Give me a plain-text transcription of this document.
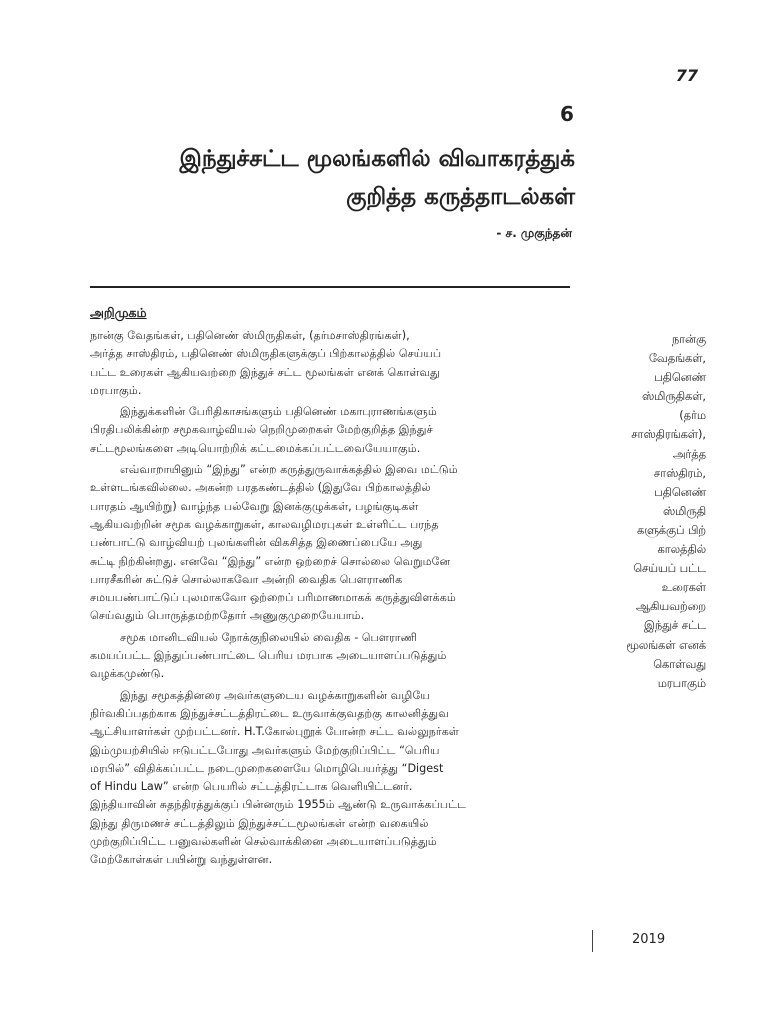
77
6
இந்துச்சட்ட மூலங்களில் விவாகரத்துக்
குறித்த கருத்தாடல்கள்
- ச. முகுந்தன்
அறிமுகம்
நான்கு வேதங்கள், பதினெண் ஸ்மிருதிகள், (தர்மசாஸ்திரங்கள்),
அர்த்த சாஸ்திரம், பதினெண் ஸ்மிருதிகளுக்குப் பிற்காலத்தில் செய்யப்
பட்ட உரைகள் ஆகியவற்றை இந்துச் சட்ட மூலங்கள் எனக் கொள்வது
மரபாகும்.
இந்துக்களின் பேரிதிகாசங்களும் பதினெண் மகாபுராணங்களும்
பிரதிபலிக்கின்ற சமூகவாழ்வியல் நெறிமுறைகள் மேற்குறித்த இந்துச்
சட்டமூலங்களை அடியொற்றிக் கட்டமைக்கப்பட்டவையேயாகும்.
எவ்வாறாயினும் “இந்து” என்ற கருத்துருவாக்கத்தில் இவை மட்டும்
உள்ளடங்கவில்லை. அகன்ற பரதகண்டத்தில் (இதுவே பிற்காலத்தில்
பாரதம் ஆயிற்று) வாழ்ந்த பல்வேறு இனக்குழுக்கள், பழங்குடிகள்
ஆகியவற்றின் சமூக வழக்காறுகள், காலவழிமரபுகள் உள்ளிட்ட பரந்த
பண்பாட்டு வாழ்வியற் புலங்களின் விகசித்த இணைப்பையே அது
சுட்டி நிற்கின்றது. எனவே “இந்து” என்ற ஒற்றைச் சொல்லை வெறுமனே
பாரசீகரின் சுட்டுச் சொல்லாகவோ அன்றி வைதிக பௌராணிக
சமயபண்பாட்டுப் புலமாகவோ ஒற்றைப் பரிமாணமாகக் கருத்துவிளக்கம்
செய்வதும் பொருத்தமற்றதோர் அணுகுமுறையேயாம்.
சமூக மானிடவியல் நோக்குநிலையில் வைதிக - பௌராணி
கமயப்பட்ட இந்துப்பண்பாட்டை பெரிய மரபாக அடையாளப்படுத்தும்
வழக்கமுண்டு.
இந்து சமூகத்தினரை அவர்களுடைய வழக்காறுகளின் வழியே
நிர்வகிப்பதற்காக இந்துச்சட்டத்திரட்டை உருவாக்குவதற்கு காலனித்துவ
ஆட்சியாளர்கள் முற்பட்டனர். H.T.கோல்புறூக் போன்ற சட்ட வல்லுநர்கள்
இம்முயற்சியில் ஈடுபட்டபோது அவர்களும் மேற்குறிப்பிட்ட “பெரிய
மரபில்” விதிக்கப்பட்ட நடைமுறைகளையே மொழிபெயர்த்து “Digest
of Hindu Law” என்ற பெயரில் சட்டத்திரட்டாக வெளியிட்டனர்.
இந்தியாவின் சுதந்திரத்துக்குப் பின்னரும் 1955ம் ஆண்டு உருவாக்கப்பட்ட
இந்து திருமணச் சட்டத்திலும் இந்துச்சட்டமூலங்கள் என்ற வகையில்
முற்குறிப்பிட்ட பனுவல்களின் செல்வாக்கினை அடையாளப்படுத்தும்
மேற்கோள்கள் பயின்று வந்துள்ளன.
நான்கு
வேதங்கள்,
பதினெண்
ஸ்மிருதிகள்,
(தர்ம
சாஸ்திரங்கள்),
அர்த்த
சாஸ்திரம்,
பதினெண்
ஸ்மிருதி
களுக்குப் பிற்
காலத்தில்
செய்யப் பட்ட
உரைகள்
ஆகியவற்றை
இந்துச் சட்ட
மூலங்கள் எனக்
கொள்வது
மரபாகும்
2019
